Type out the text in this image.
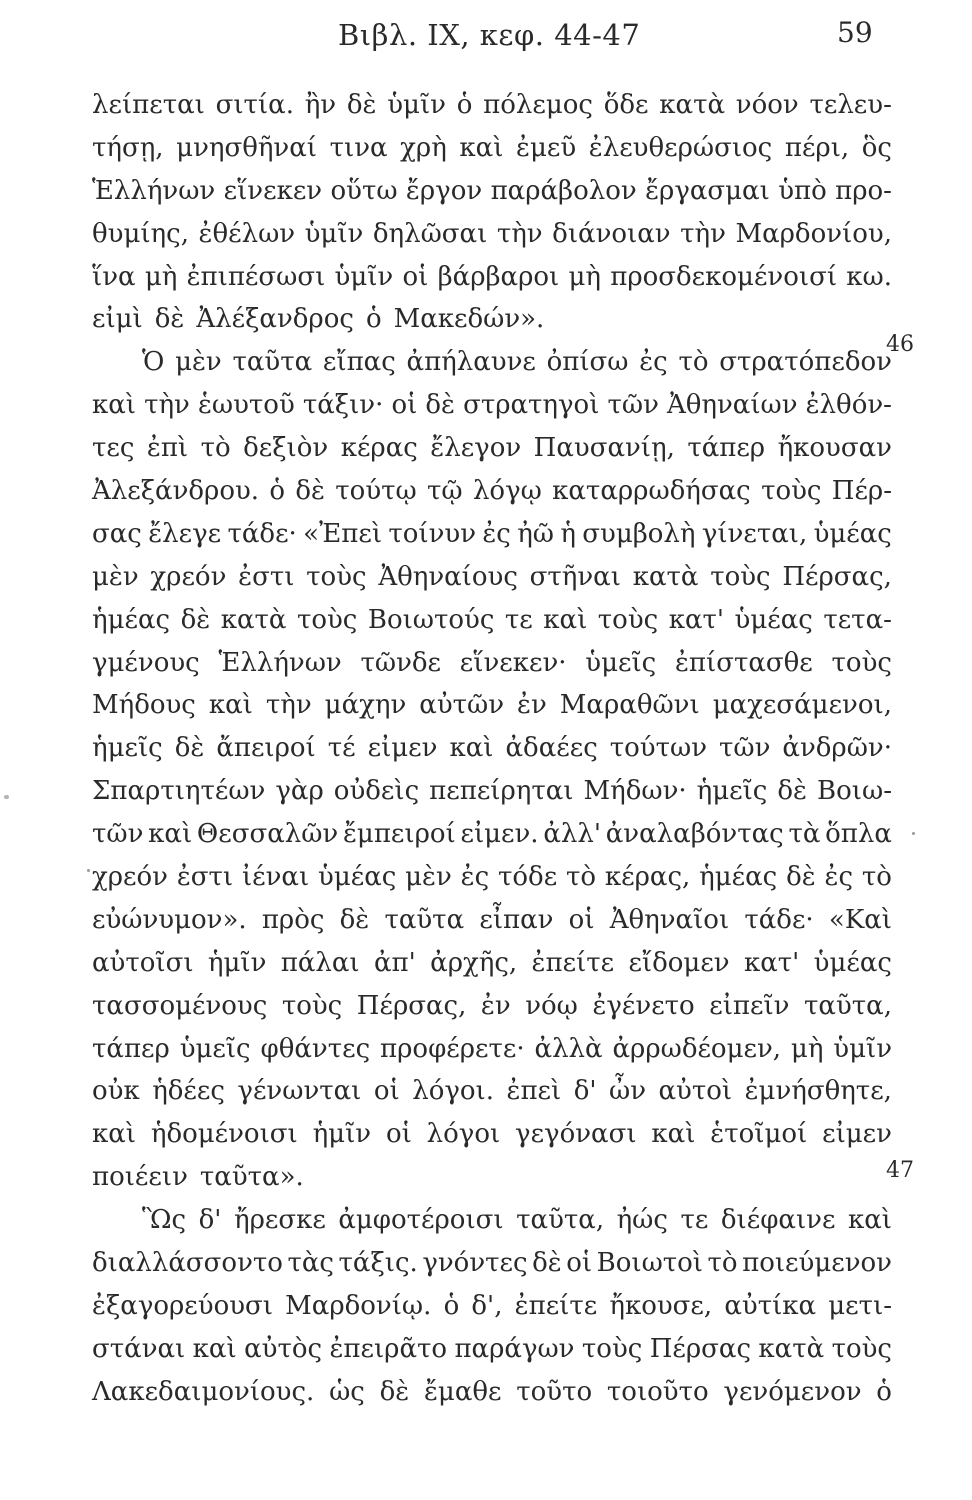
Βιβλ. IX, κεφ. 44-47	59
λείπεται σιτία. ἢν δὲ ὑμῖν ὁ πόλεμος ὅδε κατὰ νόον τελευ-
τήσῃ, μνησθῆναί τινα χρὴ καὶ ἐμεῦ ἐλευθερώσιος πέρι, ὃς
Ἑλλήνων εἵνεκεν οὕτω ἔργον παράβολον ἔργασμαι ὑπὸ προ-
θυμίης, ἐθέλων ὑμῖν δηλῶσαι τὴν διάνοιαν τὴν Μαρδονίου,
ἵνα μὴ ἐπιπέσωσι ὑμῖν οἱ βάρβαροι μὴ προσδεκομένοισί κω.
εἰμὶ δὲ Ἀλέξανδρος ὁ Μακεδών».
Ὁ μὲν ταῦτα εἴπας ἀπήλαυνε ὀπίσω ἐς τὸ στρατόπεδον
καὶ τὴν ἑωυτοῦ τάξιν· οἱ δὲ στρατηγοὶ τῶν Ἀθηναίων ἐλθόν-
τες ἐπὶ τὸ δεξιὸν κέρας ἔλεγον Παυσανίῃ, τάπερ ἤκουσαν
Ἀλεξάνδρου. ὁ δὲ τούτῳ τῷ λόγῳ καταρρωδήσας τοὺς Πέρ-
σας ἔλεγε τάδε· «Ἐπεὶ τοίνυν ἐς ἠῶ ἡ συμβολὴ γίνεται, ὑμέας
μὲν χρεόν ἐστι τοὺς Ἀθηναίους στῆναι κατὰ τοὺς Πέρσας,
ἡμέας δὲ κατὰ τοὺς Βοιωτούς τε καὶ τοὺς κατ' ὑμέας τετα-
γμένους Ἑλλήνων τῶνδε εἵνεκεν· ὑμεῖς ἐπίστασθε τοὺς
Μήδους καὶ τὴν μάχην αὐτῶν ἐν Μαραθῶνι μαχεσάμενοι,
ἡμεῖς δὲ ἄπειροί τέ εἰμεν καὶ ἀδαέες τούτων τῶν ἀνδρῶν·
Σπαρτιητέων γὰρ οὐδεὶς πεπείρηται Μήδων· ἡμεῖς δὲ Βοιω-
τῶν καὶ Θεσσαλῶν ἔμπειροί εἰμεν. ἀλλ' ἀναλαβόντας τὰ ὅπλα
χρεόν ἐστι ἰέναι ὑμέας μὲν ἐς τόδε τὸ κέρας, ἡμέας δὲ ἐς τὸ
εὐώνυμον». πρὸς δὲ ταῦτα εἶπαν οἱ Ἀθηναῖοι τάδε· «Καὶ
αὐτοῖσι ἡμῖν πάλαι ἀπ' ἀρχῆς, ἐπείτε εἴδομεν κατ' ὑμέας
τασσομένους τοὺς Πέρσας, ἐν νόῳ ἐγένετο εἰπεῖν ταῦτα,
τάπερ ὑμεῖς φθάντες προφέρετε· ἀλλὰ ἀρρωδέομεν, μὴ ὑμῖν
οὐκ ἡδέες γένωνται οἱ λόγοι. ἐπεὶ δ' ὦν αὐτοὶ ἐμνήσθητε,
καὶ ἡδομένοισι ἡμῖν οἱ λόγοι γεγόνασι καὶ ἑτοῖμοί εἰμεν
ποιέειν ταῦτα».
Ὣς δ' ἤρεσκε ἀμφοτέροισι ταῦτα, ἠώς τε διέφαινε καὶ
διαλλάσσοντο τὰς τάξις. γνόντες δὲ οἱ Βοιωτοὶ τὸ ποιεύμενον
ἐξαγορεύουσι Μαρδονίῳ. ὁ δ', ἐπείτε ἤκουσε, αὐτίκα μετι-
στάναι καὶ αὐτὸς ἐπειρᾶτο παράγων τοὺς Πέρσας κατὰ τοὺς
Λακεδαιμονίους. ὡς δὲ ἔμαθε τοῦτο τοιοῦτο γενόμενον ὁ
46
47
